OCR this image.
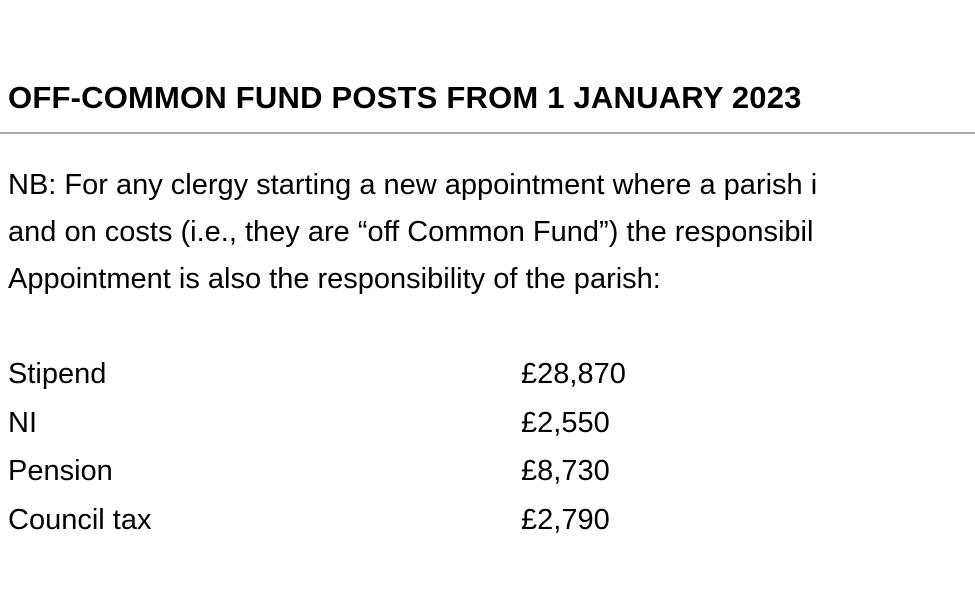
OFF-COMMON FUND POSTS FROM 1 JANUARY 2023
NB: For any clergy starting a new appointment where a parish i
and on costs (i.e., they are “off Common Fund”) the responsibil
Appointment is also the responsibility of the parish:
Stipend	£28,870
NI	£2,550
Pension	£8,730
Council tax	£2,790
